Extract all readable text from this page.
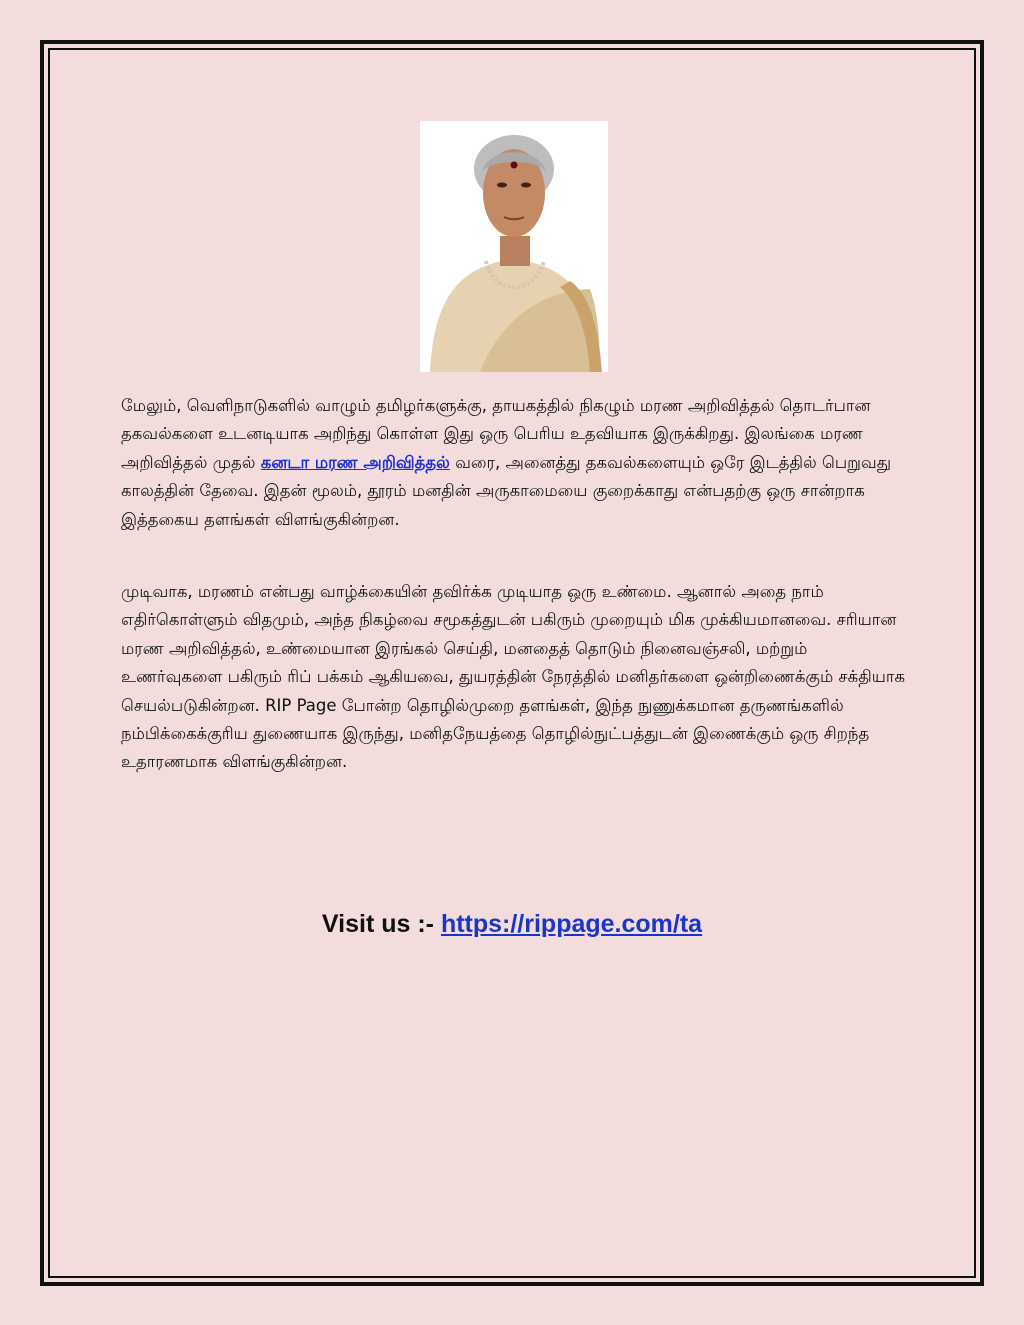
மேலும், வெளிநாடுகளில் வாழும் தமிழர்களுக்கு, தாயகத்தில் நிகழும் மரண அறிவித்தல் தொடர்பான தகவல்களை உடனடியாக அறிந்து கொள்ள இது ஒரு பெரிய உதவியாக இருக்கிறது. இலங்கை மரண அறிவித்தல் முதல் கனடா மரண அறிவித்தல் வரை, அனைத்து தகவல்களையும் ஒரே இடத்தில் பெறுவது காலத்தின் தேவை. இதன் மூலம், தூரம் மனதின் அருகாமையை குறைக்காது என்பதற்கு ஒரு சான்றாக இத்தகைய தளங்கள் விளங்குகின்றன.

முடிவாக, மரணம் என்பது வாழ்க்கையின் தவிர்க்க முடியாத ஒரு உண்மை. ஆனால் அதை நாம் எதிர்கொள்ளும் விதமும், அந்த நிகழ்வை சமூகத்துடன் பகிரும் முறையும் மிக முக்கியமானவை. சரியான மரண அறிவித்தல், உண்மையான இரங்கல் செய்தி, மனதைத் தொடும் நினைவஞ்சலி, மற்றும் உணர்வுகளை பகிரும் ரிப் பக்கம் ஆகியவை, துயரத்தின் நேரத்தில் மனிதர்களை ஒன்றிணைக்கும் சக்தியாக செயல்படுகின்றன. RIP Page போன்ற தொழில்முறை தளங்கள், இந்த நுணுக்கமான தருணங்களில் நம்பிக்கைக்குரிய துணையாக இருந்து, மனிதநேயத்தை தொழில்நுட்பத்துடன் இணைக்கும் ஒரு சிறந்த உதாரணமாக விளங்குகின்றன.

Visit us :- https://rippage.com/ta
